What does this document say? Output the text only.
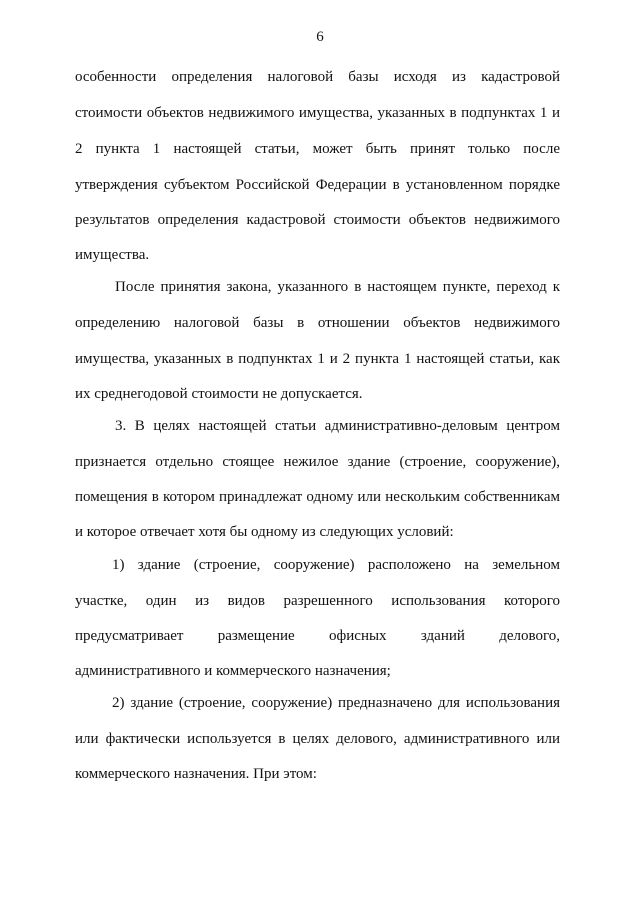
6
особенности определения налоговой базы исходя из кадастровой
стоимости объектов недвижимого имущества, указанных в подпунктах 1 и
2 пункта 1 настоящей статьи, может быть принят только после
утверждения субъектом Российской Федерации в установленном порядке
результатов определения кадастровой стоимости объектов недвижимого
имущества.
После принятия закона, указанного в настоящем пункте, переход к
определению налоговой базы в отношении объектов недвижимого
имущества, указанных в подпунктах 1 и 2 пункта 1 настоящей статьи, как
их среднегодовой стоимости не допускается.
3. В целях настоящей статьи административно-деловым центром
признается отдельно стоящее нежилое здание (строение, сооружение),
помещения в котором принадлежат одному или нескольким собственникам
и которое отвечает хотя бы одному из следующих условий:
1) здание (строение, сооружение) расположено на земельном
участке, один из видов разрешенного использования которого
предусматривает размещение офисных зданий делового,
административного и коммерческого назначения;
2) здание (строение, сооружение) предназначено для использования
или фактически используется в целях делового, административного или
коммерческого назначения. При этом:
